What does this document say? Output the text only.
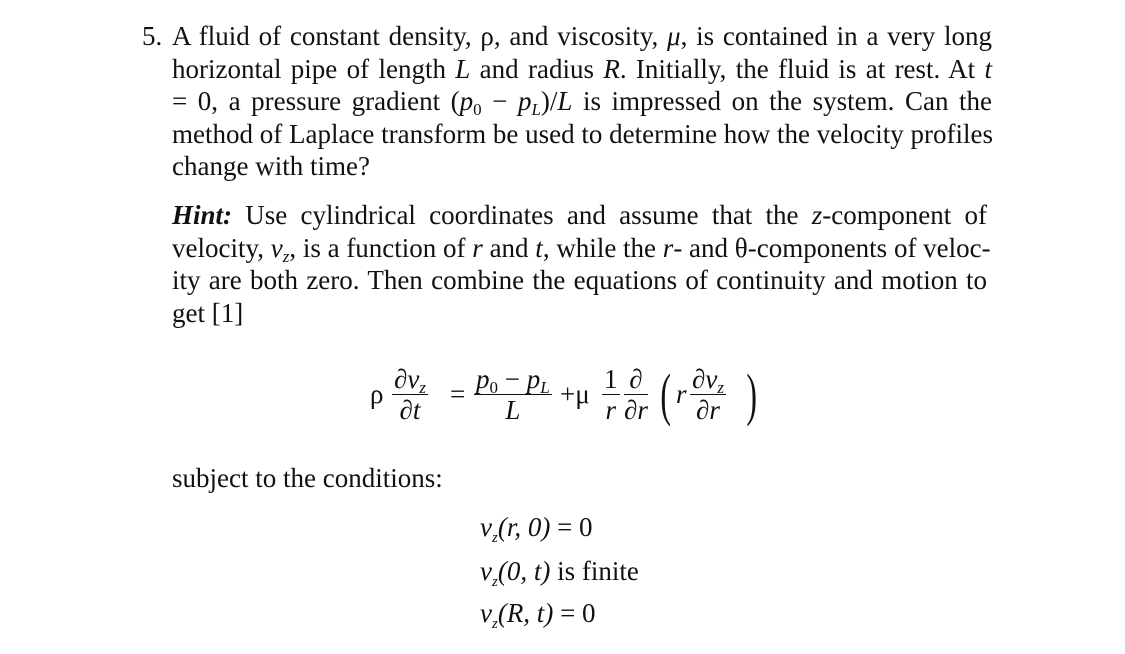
5. A fluid of constant density, ρ, and viscosity, μ, is contained in a very long
horizontal pipe of length L and radius R. Initially, the fluid is at rest. At t
= 0, a pressure gradient $(p_0 - p_L)/L$ is impressed on the system. Can the
method of Laplace transform be used to determine how the velocity profiles
change with time?
Hint: Use cylindrical coordinates and assume that the z-component of
velocity, $v_z$, is a function of r and t, while the r- and θ-components of veloc-
ity are both zero. Then combine the equations of continuity and motion to
get [1]
ρ $\frac{\partial v_z}{\partial t} = \frac{p_0 - p_L}{L} +\mu \frac{1}{r}$ ∂
∂r ( r $\frac{\partial v_z}{\partial r}$ )
subject to the conditions:
$v_z(r$, 0) = 0
$v_z(0$, t) is finite
$v_z(R$, t) = 0
